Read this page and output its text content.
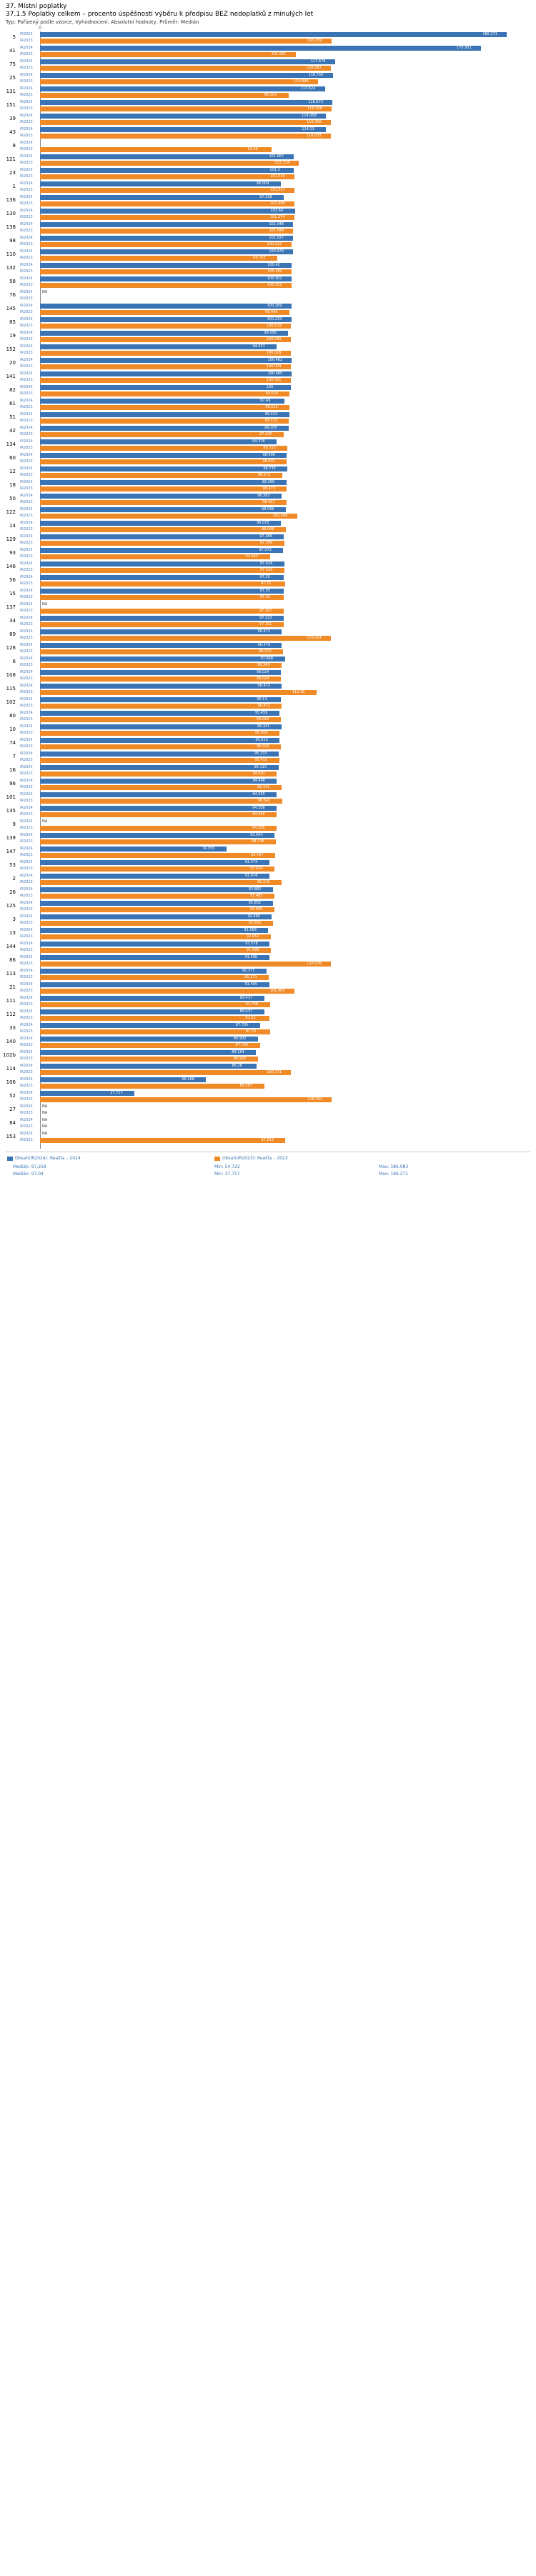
37. Místní poplatky
37.1.5 Poplatky celkem – procento úspěšnosti výběru k předpisu BEZ nedoplatků z minulých let
Typ: Pořízený podle vzorce, Vyhodnocení: Absolutní hodnoty, Průměr: Medián
0
5 IR2024	186.271
IR2023	116.259
41 IR2024	175.951
IR2023	101.961
75 IR2024	117.679
IR2023	116.087
25 IR2024	116.756
IR2023	110.898
131 IR2024	113.624
IR2023	99.107
151 IR2024	116.673
IR2023	116.306
39 IR2024	114.058
IR2023	116.058
43 IR2024	114.13
IR2023	116.033
8 IR2024
IR2023	92.48
121 IR2024	101.067
IR2023	103.314
23 IR2024	101.3
IR2023	101.559
1 IR2024	96.009
IR2023	101.557
136 IR2024	97.258
IR2023	101.495
130 IR2024	101.64
IR2023	101.374
138 IR2024	101.048
IR2023	101.048
98 IR2024	101.027
IR2023	100.222
110 IR2024	100.979
IR2023	94.703
132 IR2024	100.42
IR2023	100.382
58 IR2024	100.302
IR2023	100.302
76 IR2024	NA
IR2023
145 IR2024	100.269
IR2023	99.495
85 IR2024	100.233
IR2023	100.119
19 IR2024	99.056
IR2023	100.042
152 IR2024	94.457
IR2023	100.029
20 IR2024	100.482
IR2023	100.004
141 IR2024	100.485
IR2023	100.001
82 IR2024	100
IR2023	99.628
61 IR2024	97.49
IR2023	99.552
51 IR2024	99.423
IR2023	99.313
42 IR2024	99.205
IR2023	97.205
134 IR2024	94.378
IR2023	98.725
60 IR2024	98.496
IR2023	98.491
12 IR2024	98.735
IR2023	96.572
18 IR2024	98.266
IR2023	98.473
50 IR2024	96.383
IR2023	98.407
122 IR2024	98.046
IR2023	102.566
14 IR2024	96.075
IR2023	98.048
129 IR2024	97.284
IR2023	97.399
93 IR2024	97.072
IR2023	91.663
146 IR2024	97.429
IR2023	97.429
56 IR2024	97.35
IR2023	97.75
15 IR2024	97.35
IR2023	97.35
137 IR2024	NA
IR2023	97.167
34 IR2024	97.223
IR2023	97.151
89 IR2024	96.472
IR2023	116.054
126 IR2024	96.479
IR2023	96.972
6 IR2024	97.668
IR2023	96.369
108 IR2024	96.024
IR2023	96.024
115 IR2024	96.472
IR2023	110.28
102 IR2024	96.13
IR2023	96.472
80 IR2024	95.459
IR2023	96.013
10 IR2024	96.341
IR2023	95.459
74 IR2024	95.615
IR2023	96.024
7 IR2024	95.233
IR2023	95.415
16 IR2024	95.115
IR2023	94.491
96 IR2024	94.496
IR2023	96.341
101 IR2024	94.455
IR2023	96.542
135 IR2024	94.358
IR2023	94.455
9 IR2024	NA
IR2023	94.358
139 IR2024	93.504
IR2023	94.136
147 IR2024	74.355
IR2023	93.767
53 IR2024	91.474
IR2023	93.504
2 IR2024	91.474
IR2023	96.316
26 IR2024	92.882
IR2023	93.485
125 IR2024	92.852
IR2023	93.465
3 IR2024	92.495
IR2023	92.852
13 IR2024	91.083
IR2023	92.062
144 IR2024	91.578
IR2023	91.998
86 IR2024	91.406
IR2023	116.078
113 IR2024	90.371
IR2023	91.271
21 IR2024	91.405
IR2023	101.405
111 IR2024	89.437
IR2023	91.708
112 IR2024	89.437
IR2023	91.62
33 IR2024	87.705
IR2023	91.73
140 IR2024	86.902
IR2023	87.705
102b IR2024	86.184
IR2023	86.902
114 IR2024	86.26
IR2023	100.171
106 IR2024	66.268
IR2023	89.387
52 IR2024	37.717
IR2023	116.401
27 IR2024	NA
IR2023	NA
84 IR2024	NA
IR2023	NA
153 IR2024	NA
IR2023	97.913
Obsah(IR2024): Realita – 2024	Obsah(IR2023): Realita – 2023
Medián: 97.259	Min: 54.722	Max: 186.083
Medián: 97.04	Min: 37.717	Max: 186.271
